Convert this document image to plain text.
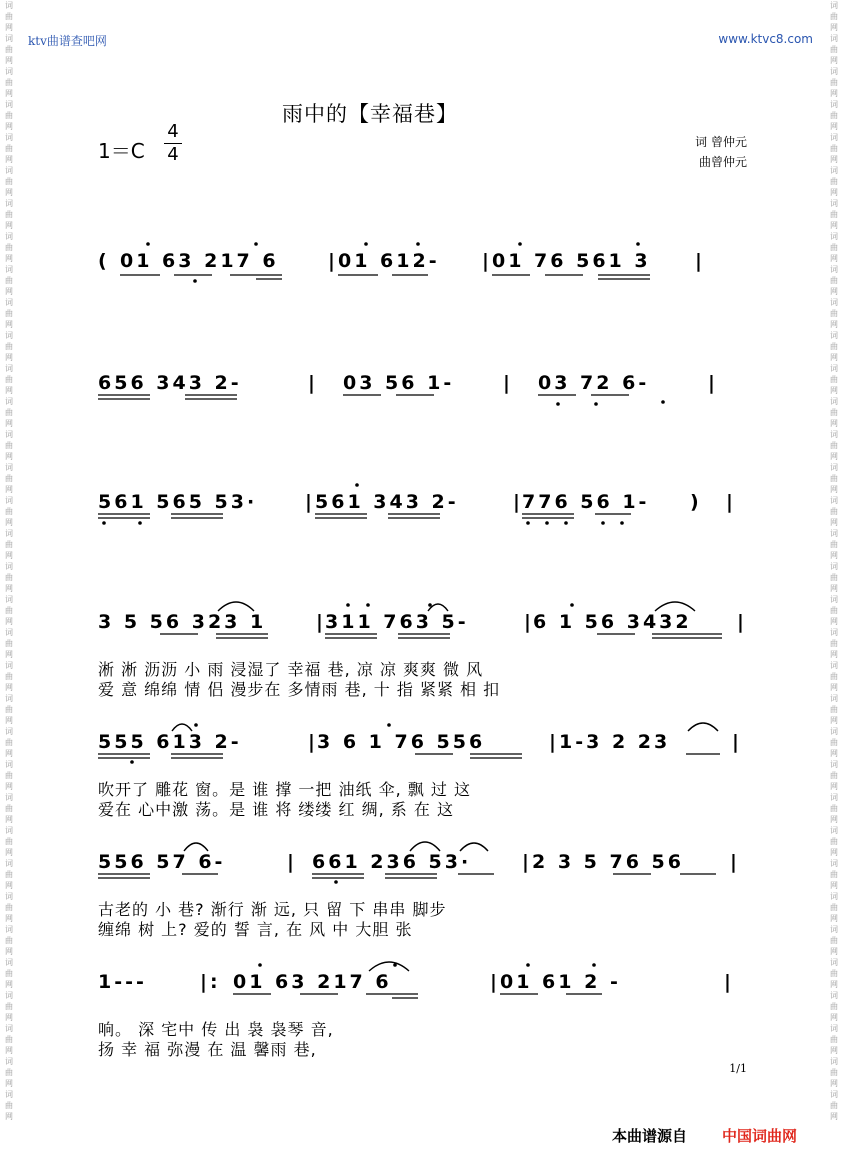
词曲网
词曲网
词曲网
词曲网
词曲网
词曲网
词曲网
词曲网
词曲网
词曲网
词曲网
词曲网
词曲网
词曲网
词曲网
词曲网
词曲网
词曲网
词曲网
词曲网
词曲网
词曲网
词曲网
词曲网
词曲网
词曲网
词曲网
词曲网
词曲网
词曲网
词曲网
词曲网
词曲网
词曲网
词曲网
词曲网
词曲网
词曲网
词曲网
词曲网
词曲网
词曲网
词曲网
词曲网
词曲网
词曲网
词曲网
词曲网
词曲网
词曲网
词曲网
词曲网
词曲网
词曲网
词曲网
词曲网
词曲网
词曲网
词曲网
词曲网
词曲网
词曲网
词曲网
词曲网
词曲网
词曲网
词曲网
词曲网
ktv曲谱查吧网	www.ktvc8.com
雨中的【幸福巷】
1＝C
4
4
词 曾仲元
曲曾仲元
( 01 63 217 6	| 01 612- | 01 76 561 3 |
656 343 2-	| 03 56 1-	| 03 72 6-	|
561 565 53·	| 561 343 2-	| 776 56 1- ) |
3 5 56 323 1	| 311 763 5-	| 6 1 56 3432 |
555 613 2-	| 3 6 1 76 556	| 1-3 2 23	|
556 57 6-	| 661 236 53·	| 2 3 5 76 56 |
1---	|: 01 63 217 6	| 01 61 2 -	|
淅 淅 沥沥 小 雨 浸湿了 幸福 巷, 凉 凉 爽爽 微 风
爱 意 绵绵 情 侣 漫步在 多情雨 巷, 十 指 紧紧 相 扣
吹开了 雕花 窗。是 谁 撑 一把 油纸 伞, 飘 过 这
爱在 心中激 荡。是 谁 将 缕缕 红 绸, 系 在 这
古老的 小 巷? 渐行 渐 远, 只 留 下 串串 脚步
缠绵 树 上? 爱的 誓 言, 在 风 中 大胆 张
响。 深 宅中 传 出 袅 袅琴 音,
扬 幸 福 弥漫 在 温 馨雨 巷,
1/1
本曲谱源自 中国词曲网
